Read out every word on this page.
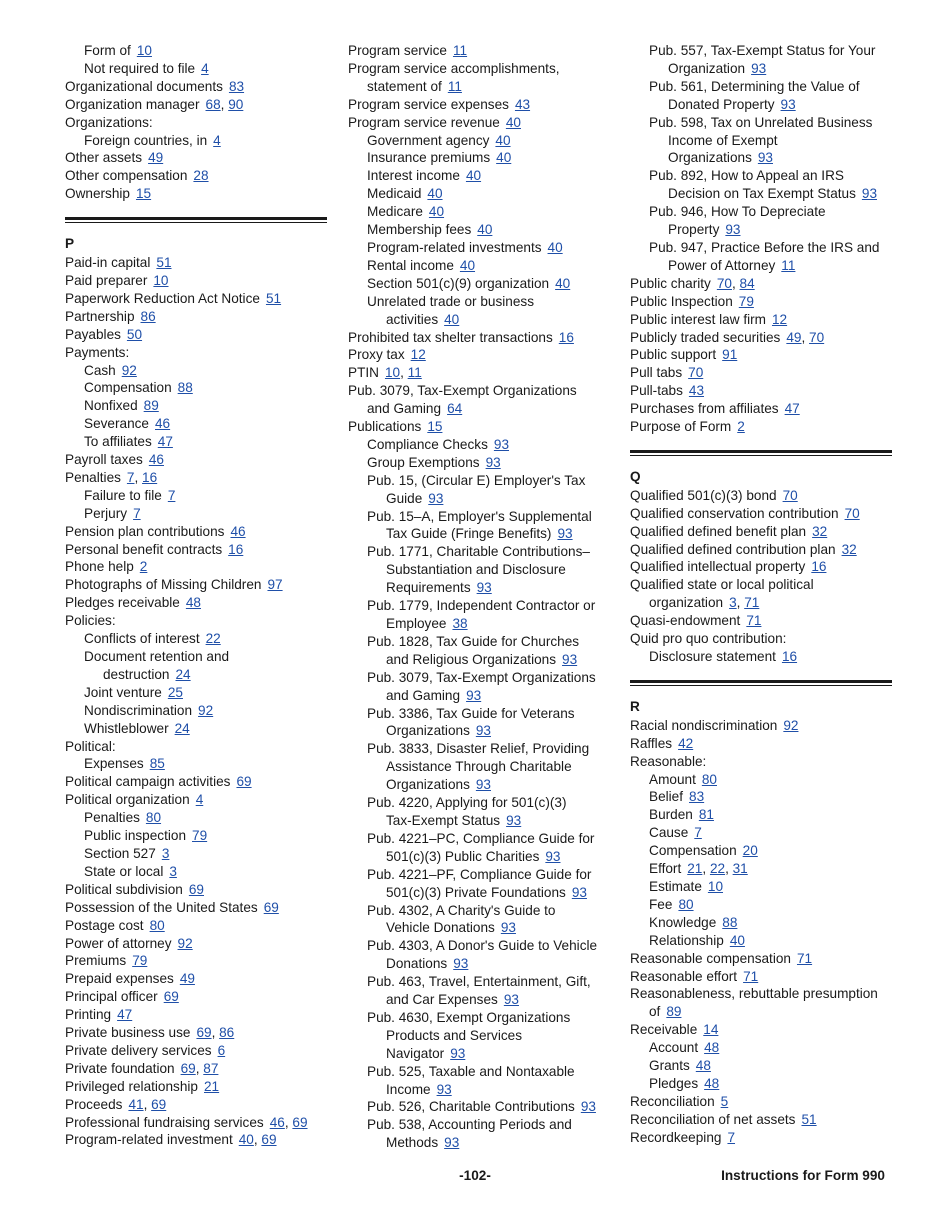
Form of 10
Not required to file 4
Organizational documents 83
Organization manager 68, 90
Organizations:
Foreign countries, in 4
Other assets 49
Other compensation 28
Ownership 15
P
Paid-in capital 51
Paid preparer 10
Paperwork Reduction Act Notice 51
Partnership 86
Payables 50
Payments:
Cash 92
Compensation 88
Nonfixed 89
Severance 46
To affiliates 47
Payroll taxes 46
Penalties 7, 16
Failure to file 7
Perjury 7
Pension plan contributions 46
Personal benefit contracts 16
Phone help 2
Photographs of Missing Children 97
Pledges receivable 48
Policies:
Conflicts of interest 22
Document retention and
destruction 24
Joint venture 25
Nondiscrimination 92
Whistleblower 24
Political:
Expenses 85
Political campaign activities 69
Political organization 4
Penalties 80
Public inspection 79
Section 527 3
State or local 3
Political subdivision 69
Possession of the United States 69
Postage cost 80
Power of attorney 92
Premiums 79
Prepaid expenses 49
Principal officer 69
Printing 47
Private business use 69, 86
Private delivery services 6
Private foundation 69, 87
Privileged relationship 21
Proceeds 41, 69
Professional fundraising services 46, 69
Program-related investment 40, 69
Program service 11
Program service accomplishments,
statement of 11
Program service expenses 43
Program service revenue 40
Government agency 40
Insurance premiums 40
Interest income 40
Medicaid 40
Medicare 40
Membership fees 40
Program-related investments 40
Rental income 40
Section 501(c)(9) organization 40
Unrelated trade or business
activities 40
Prohibited tax shelter transactions 16
Proxy tax 12
PTIN 10, 11
Pub. 3079, Tax-Exempt Organizations
and Gaming 64
Publications 15
Compliance Checks 93
Group Exemptions 93
Pub. 15, (Circular E) Employer's Tax
Guide 93
Pub. 15–A, Employer's Supplemental
Tax Guide (Fringe Benefits) 93
Pub. 1771, Charitable Contributions–
Substantiation and Disclosure
Requirements 93
Pub. 1779, Independent Contractor or
Employee 38
Pub. 1828, Tax Guide for Churches
and Religious Organizations 93
Pub. 3079, Tax-Exempt Organizations
and Gaming 93
Pub. 3386, Tax Guide for Veterans
Organizations 93
Pub. 3833, Disaster Relief, Providing
Assistance Through Charitable
Organizations 93
Pub. 4220, Applying for 501(c)(3)
Tax-Exempt Status 93
Pub. 4221–PC, Compliance Guide for
501(c)(3) Public Charities 93
Pub. 4221–PF, Compliance Guide for
501(c)(3) Private Foundations 93
Pub. 4302, A Charity's Guide to
Vehicle Donations 93
Pub. 4303, A Donor's Guide to Vehicle
Donations 93
Pub. 463, Travel, Entertainment, Gift,
and Car Expenses 93
Pub. 4630, Exempt Organizations
Products and Services
Navigator 93
Pub. 525, Taxable and Nontaxable
Income 93
Pub. 526, Charitable Contributions 93
Pub. 538, Accounting Periods and
Methods 93
Pub. 557, Tax-Exempt Status for Your
Organization 93
Pub. 561, Determining the Value of
Donated Property 93
Pub. 598, Tax on Unrelated Business
Income of Exempt
Organizations 93
Pub. 892, How to Appeal an IRS
Decision on Tax Exempt Status 93
Pub. 946, How To Depreciate
Property 93
Pub. 947, Practice Before the IRS and
Power of Attorney 11
Public charity 70, 84
Public Inspection 79
Public interest law firm 12
Publicly traded securities 49, 70
Public support 91
Pull tabs 70
Pull-tabs 43
Purchases from affiliates 47
Purpose of Form 2
Q
Qualified 501(c)(3) bond 70
Qualified conservation contribution 70
Qualified defined benefit plan 32
Qualified defined contribution plan 32
Qualified intellectual property 16
Qualified state or local political
organization 3, 71
Quasi-endowment 71
Quid pro quo contribution:
Disclosure statement 16
R
Racial nondiscrimination 92
Raffles 42
Reasonable:
Amount 80
Belief 83
Burden 81
Cause 7
Compensation 20
Effort 21, 22, 31
Estimate 10
Fee 80
Knowledge 88
Relationship 40
Reasonable compensation 71
Reasonable effort 71
Reasonableness, rebuttable presumption
of 89
Receivable 14
Account 48
Grants 48
Pledges 48
Reconciliation 5
Reconciliation of net assets 51
Recordkeeping 7
-102-	Instructions for Form 990
